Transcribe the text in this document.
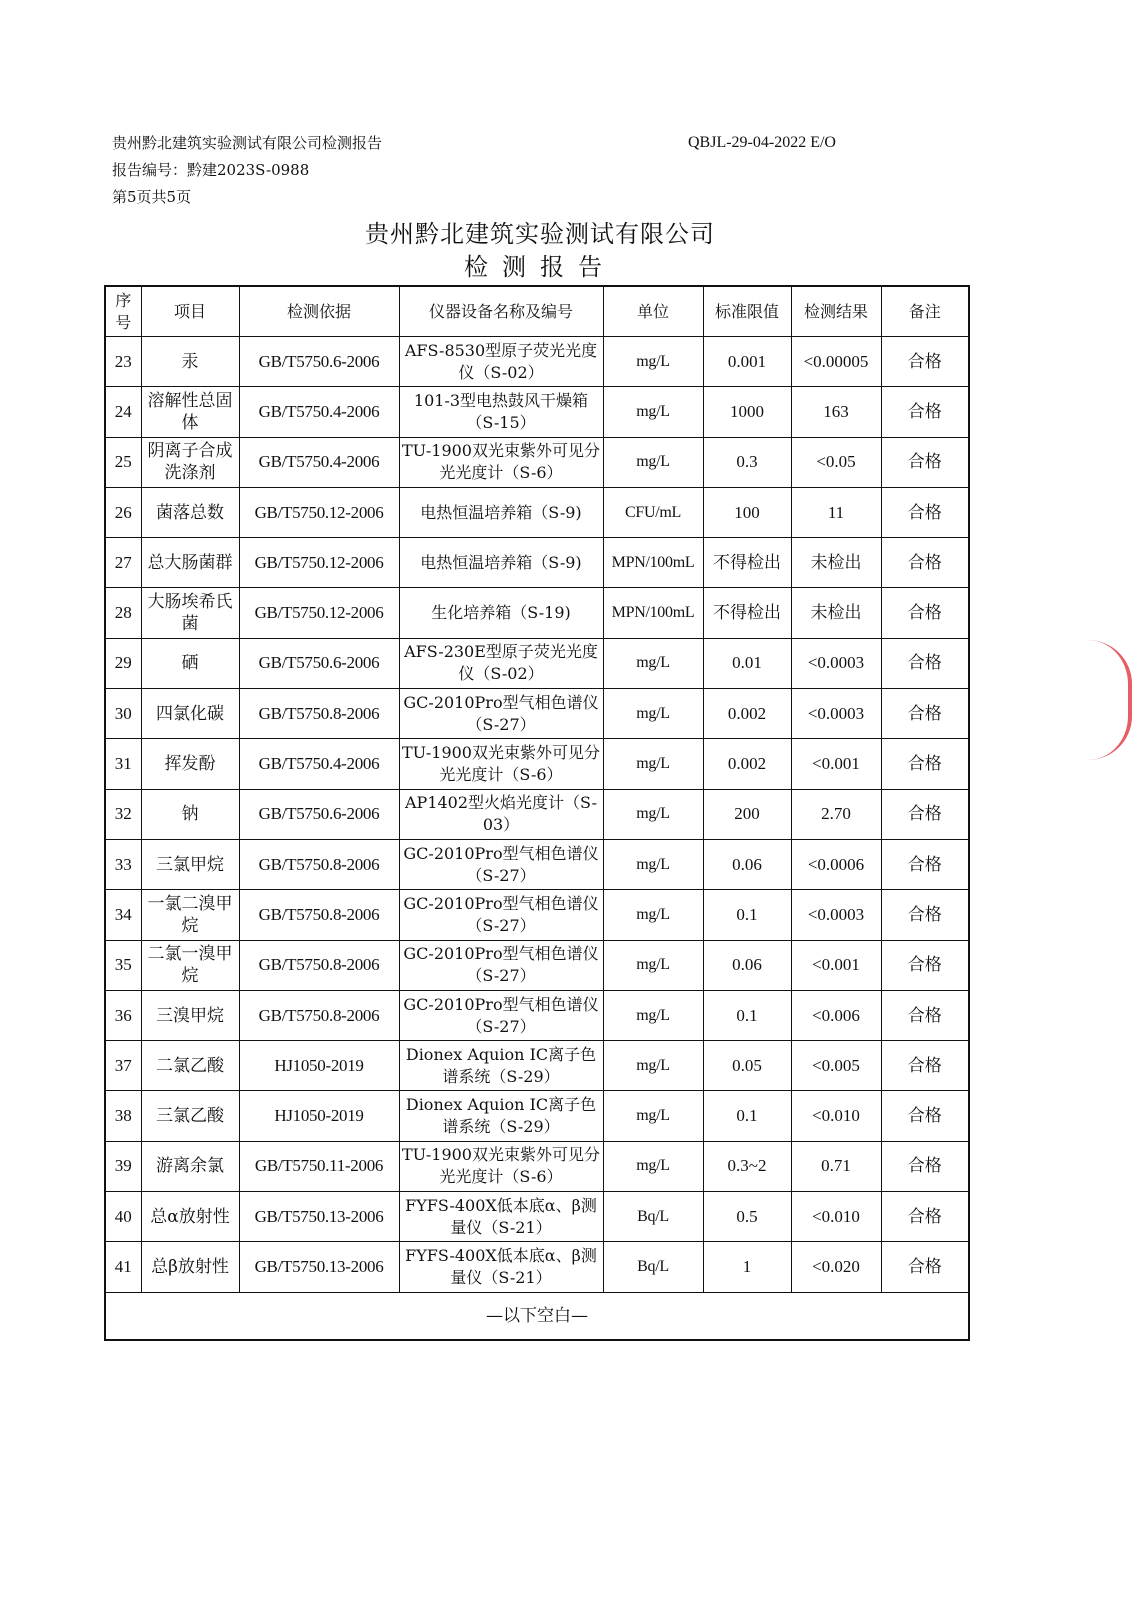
贵州黔北建筑实验测试有限公司检测报告
报告编号：黔建2023S-0988
第5页共5页
QBJL-29-04-2022 E/O
贵州黔北建筑实验测试有限公司
检测报告
序号	项目	检测依据	仪器设备名称及编号	单位	标准限值	检测结果	备注
23	汞	GB/T5750.6-2006	AFS-8530型原子荧光光度仪（S-02）	mg/L	0.001	<0.00005	合格
24	溶解性总固体	GB/T5750.4-2006	101-3型电热鼓风干燥箱（S-15）	mg/L	1000	163	合格
25	阴离子合成洗涤剂	GB/T5750.4-2006	TU-1900双光束紫外可见分光光度计（S-6）	mg/L	0.3	<0.05	合格
26	菌落总数	GB/T5750.12-2006	电热恒温培养箱（S-9)	CFU/mL	100	11	合格
27	总大肠菌群	GB/T5750.12-2006	电热恒温培养箱（S-9)	MPN/100mL	不得检出	未检出	合格
28	大肠埃希氏菌	GB/T5750.12-2006	生化培养箱（S-19)	MPN/100mL	不得检出	未检出	合格
29	硒	GB/T5750.6-2006	AFS-230E型原子荧光光度仪（S-02）	mg/L	0.01	<0.0003	合格
30	四氯化碳	GB/T5750.8-2006	GC-2010Pro型气相色谱仪（S-27）	mg/L	0.002	<0.0003	合格
31	挥发酚	GB/T5750.4-2006	TU-1900双光束紫外可见分光光度计（S-6）	mg/L	0.002	<0.001	合格
32	钠	GB/T5750.6-2006	AP1402型火焰光度计（S-03）	mg/L	200	2.70	合格
33	三氯甲烷	GB/T5750.8-2006	GC-2010Pro型气相色谱仪（S-27）	mg/L	0.06	<0.0006	合格
34	一氯二溴甲烷	GB/T5750.8-2006	GC-2010Pro型气相色谱仪（S-27）	mg/L	0.1	<0.0003	合格
35	二氯一溴甲烷	GB/T5750.8-2006	GC-2010Pro型气相色谱仪（S-27）	mg/L	0.06	<0.001	合格
36	三溴甲烷	GB/T5750.8-2006	GC-2010Pro型气相色谱仪（S-27）	mg/L	0.1	<0.006	合格
37	二氯乙酸	HJ1050-2019	Dionex Aquion IC离子色谱系统（S-29）	mg/L	0.05	<0.005	合格
38	三氯乙酸	HJ1050-2019	Dionex Aquion IC离子色谱系统（S-29）	mg/L	0.1	<0.010	合格
39	游离余氯	GB/T5750.11-2006	TU-1900双光束紫外可见分光光度计（S-6）	mg/L	0.3~2	0.71	合格
40	总α放射性	GB/T5750.13-2006	FYFS-400X低本底α、β测量仪（S-21）	Bq/L	0.5	<0.010	合格
41	总β放射性	GB/T5750.13-2006	FYFS-400X低本底α、β测量仪（S-21）	Bq/L	1	<0.020	合格
—以下空白—							
